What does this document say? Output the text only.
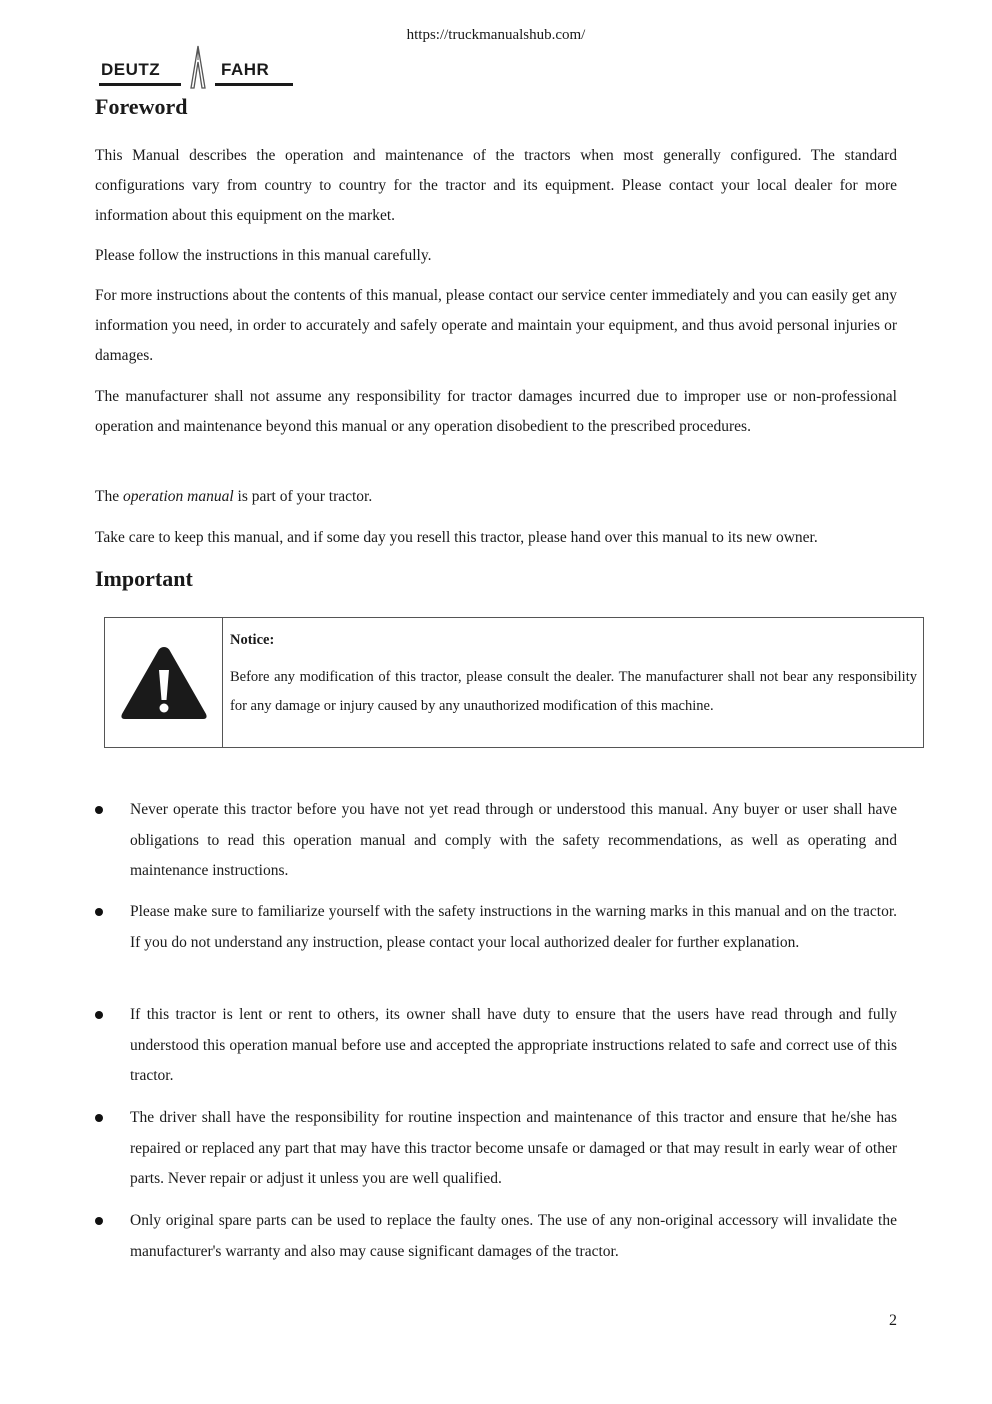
https://truckmanualshub.com/
DEUTZ	FAHR
Foreword

This Manual describes the operation and maintenance of the tractors when most generally configured. The standard configurations vary from country to country for the tractor and its equipment. Please contact your local dealer for more information about this equipment on the market.

Please follow the instructions in this manual carefully.

For more instructions about the contents of this manual, please contact our service center immediately and you can easily get any information you need, in order to accurately and safely operate and maintain your equipment, and thus avoid personal injuries or damages.

The manufacturer shall not assume any responsibility for tractor damages incurred due to improper use or non-professional operation and maintenance beyond this manual or any operation disobedient to the prescribed procedures.

The operation manual is part of your tractor.

Take care to keep this manual, and if some day you resell this tractor, please hand over this manual to its new owner.

Important

Notice:

Before any modification of this tractor, please consult the dealer. The manufacturer shall not bear any responsibility for any damage or injury caused by any unauthorized modification of this machine.

Never operate this tractor before you have not yet read through or understood this manual. Any buyer or user shall have obligations to read this operation manual and comply with the safety recommendations, as well as operating and maintenance instructions.
Please make sure to familiarize yourself with the safety instructions in the warning marks in this manual and on the tractor. If you do not understand any instruction, please contact your local authorized dealer for further explanation.
If this tractor is lent or rent to others, its owner shall have duty to ensure that the users have read through and fully understood this operation manual before use and accepted the appropriate instructions related to safe and correct use of this tractor.
The driver shall have the responsibility for routine inspection and maintenance of this tractor and ensure that he/she has repaired or replaced any part that may have this tractor become unsafe or damaged or that may result in early wear of other parts. Never repair or adjust it unless you are well qualified.
Only original spare parts can be used to replace the faulty ones. The use of any non-original accessory will invalidate the manufacturer's warranty and also may cause significant damages of the tractor.
2
